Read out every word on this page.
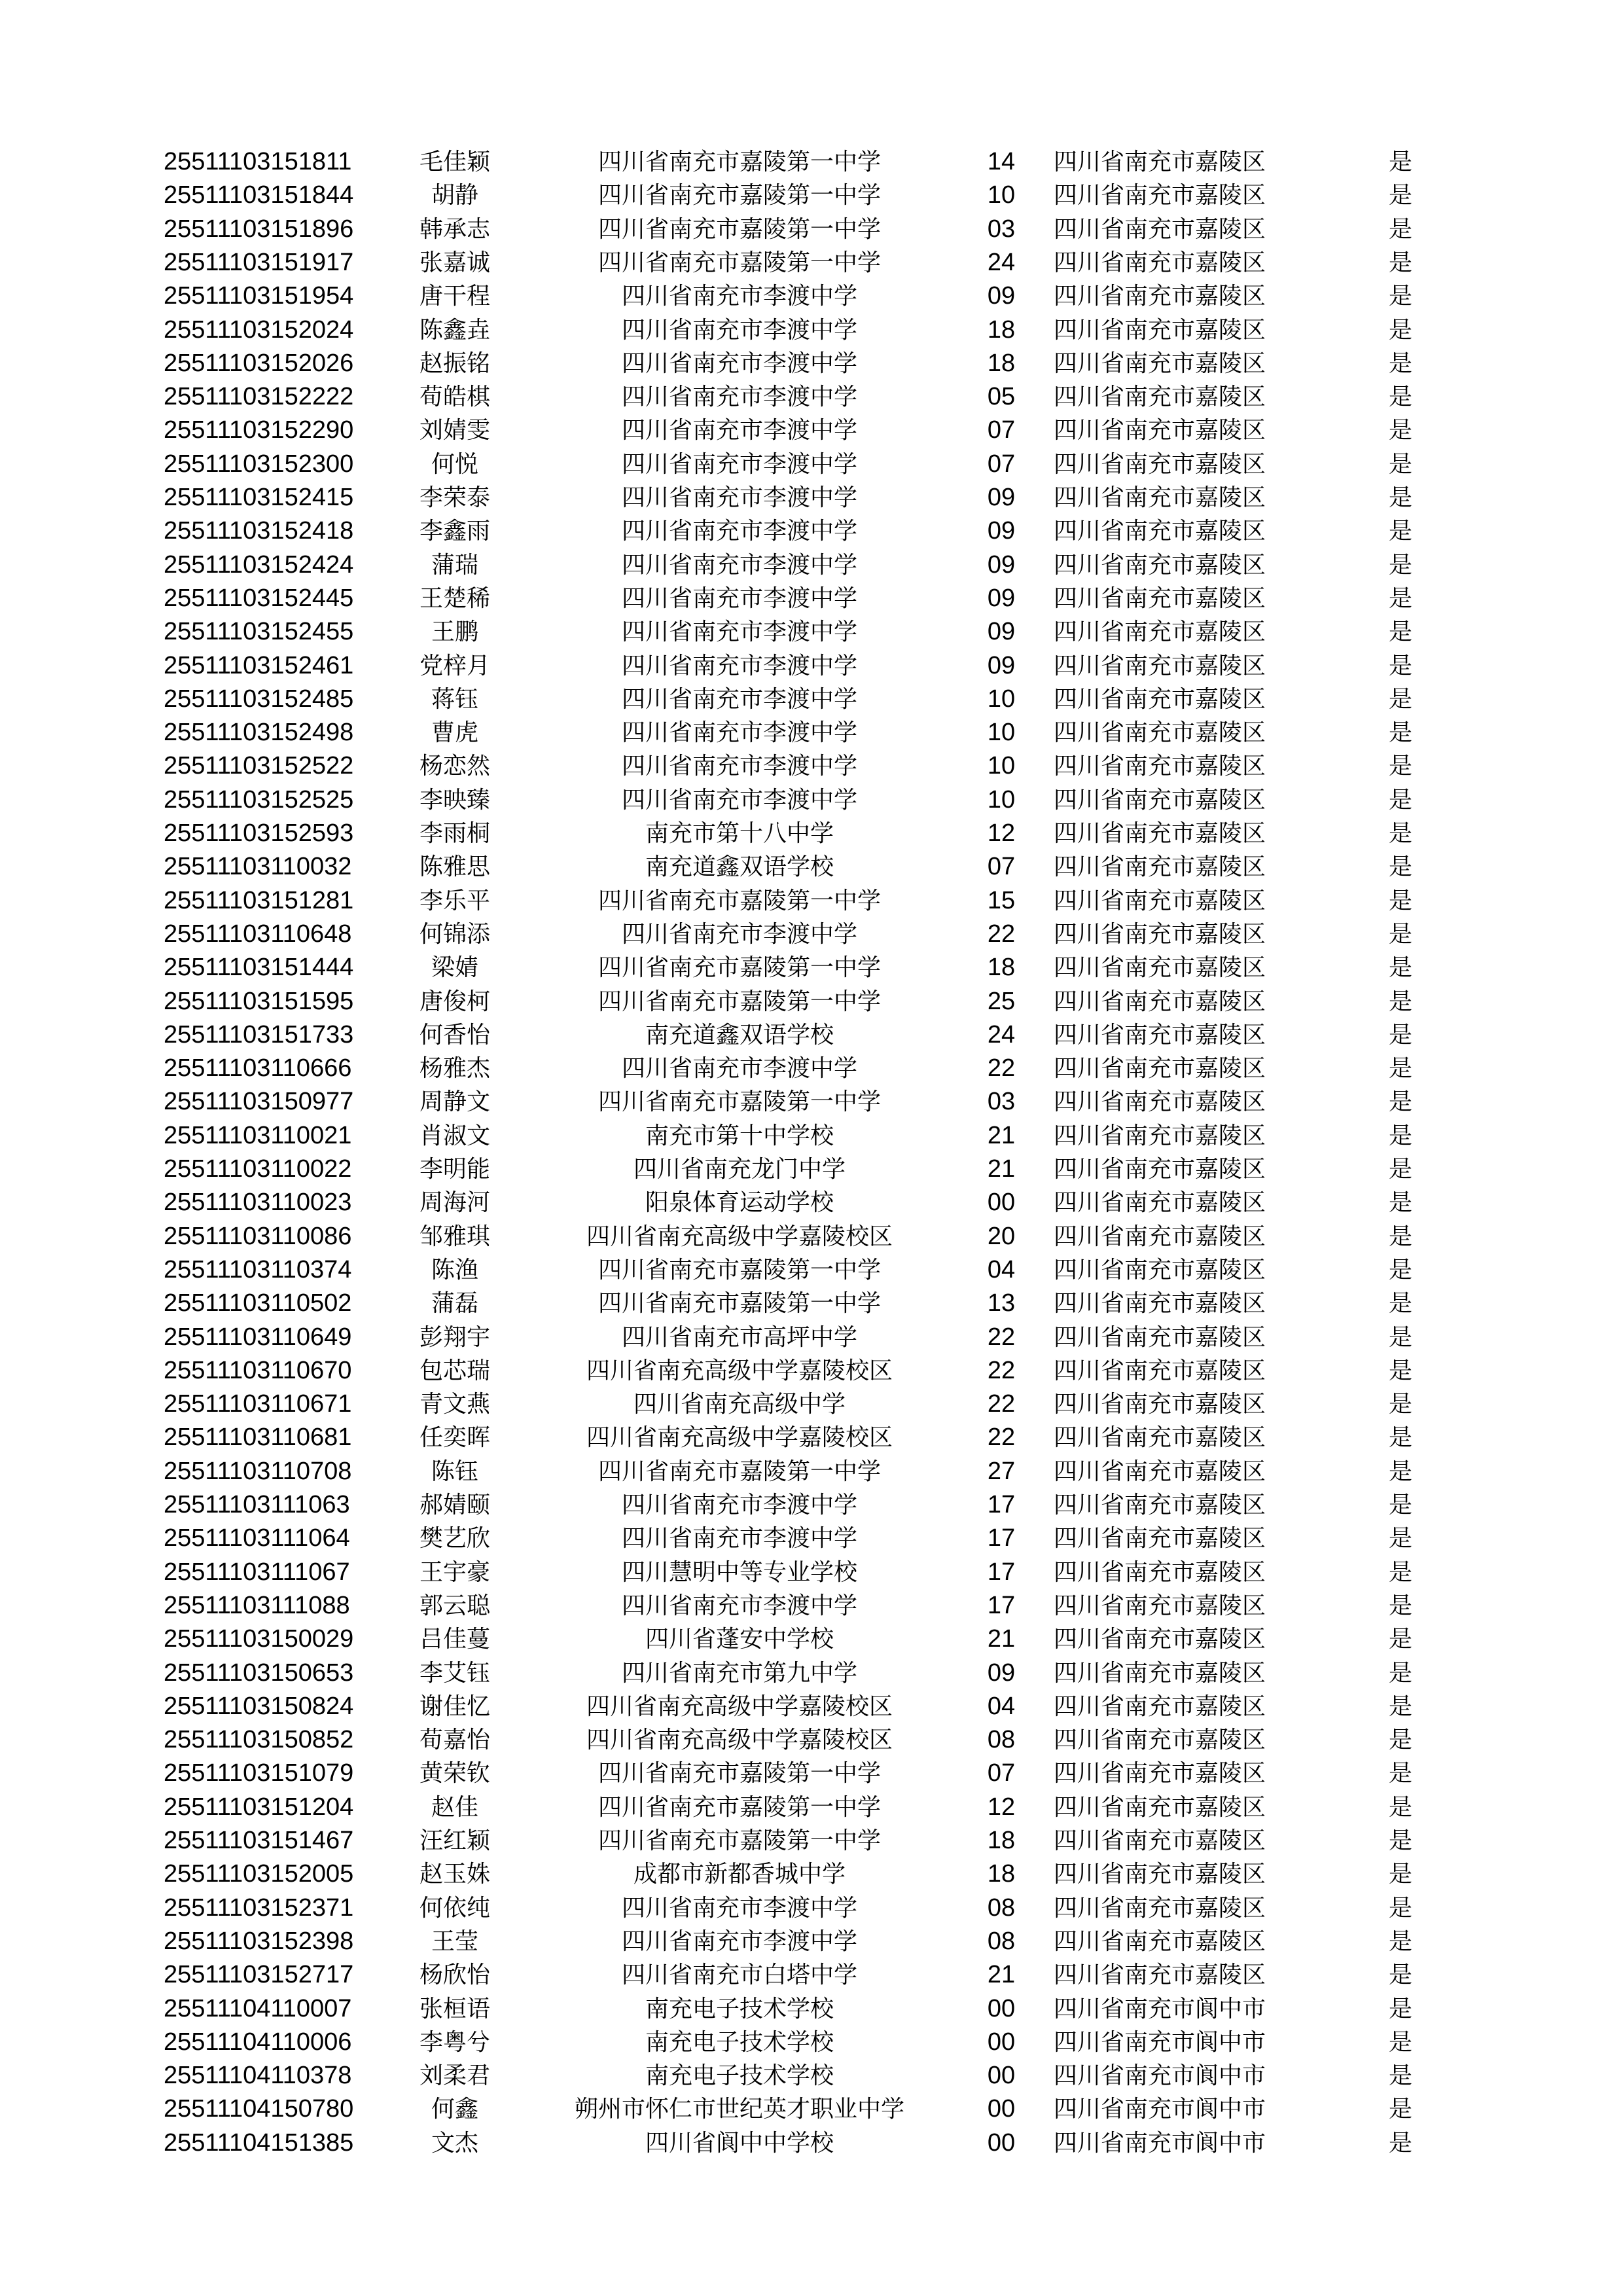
25511103151811	毛佳颖	四川省南充市嘉陵第一中学	14	四川省南充市嘉陵区	是
25511103151844	胡静	四川省南充市嘉陵第一中学	10	四川省南充市嘉陵区	是
25511103151896	韩承志	四川省南充市嘉陵第一中学	03	四川省南充市嘉陵区	是
25511103151917	张嘉诚	四川省南充市嘉陵第一中学	24	四川省南充市嘉陵区	是
25511103151954	唐干程	四川省南充市李渡中学	09	四川省南充市嘉陵区	是
25511103152024	陈鑫垚	四川省南充市李渡中学	18	四川省南充市嘉陵区	是
25511103152026	赵振铭	四川省南充市李渡中学	18	四川省南充市嘉陵区	是
25511103152222	荀皓棋	四川省南充市李渡中学	05	四川省南充市嘉陵区	是
25511103152290	刘婧雯	四川省南充市李渡中学	07	四川省南充市嘉陵区	是
25511103152300	何悦	四川省南充市李渡中学	07	四川省南充市嘉陵区	是
25511103152415	李荣泰	四川省南充市李渡中学	09	四川省南充市嘉陵区	是
25511103152418	李鑫雨	四川省南充市李渡中学	09	四川省南充市嘉陵区	是
25511103152424	蒲瑞	四川省南充市李渡中学	09	四川省南充市嘉陵区	是
25511103152445	王楚稀	四川省南充市李渡中学	09	四川省南充市嘉陵区	是
25511103152455	王鹏	四川省南充市李渡中学	09	四川省南充市嘉陵区	是
25511103152461	党梓月	四川省南充市李渡中学	09	四川省南充市嘉陵区	是
25511103152485	蒋钰	四川省南充市李渡中学	10	四川省南充市嘉陵区	是
25511103152498	曹虎	四川省南充市李渡中学	10	四川省南充市嘉陵区	是
25511103152522	杨恋然	四川省南充市李渡中学	10	四川省南充市嘉陵区	是
25511103152525	李映臻	四川省南充市李渡中学	10	四川省南充市嘉陵区	是
25511103152593	李雨桐	南充市第十八中学	12	四川省南充市嘉陵区	是
25511103110032	陈雅思	南充道鑫双语学校	07	四川省南充市嘉陵区	是
25511103151281	李乐平	四川省南充市嘉陵第一中学	15	四川省南充市嘉陵区	是
25511103110648	何锦添	四川省南充市李渡中学	22	四川省南充市嘉陵区	是
25511103151444	梁婧	四川省南充市嘉陵第一中学	18	四川省南充市嘉陵区	是
25511103151595	唐俊柯	四川省南充市嘉陵第一中学	25	四川省南充市嘉陵区	是
25511103151733	何香怡	南充道鑫双语学校	24	四川省南充市嘉陵区	是
25511103110666	杨雅杰	四川省南充市李渡中学	22	四川省南充市嘉陵区	是
25511103150977	周静文	四川省南充市嘉陵第一中学	03	四川省南充市嘉陵区	是
25511103110021	肖淑文	南充市第十中学校	21	四川省南充市嘉陵区	是
25511103110022	李明能	四川省南充龙门中学	21	四川省南充市嘉陵区	是
25511103110023	周海河	阳泉体育运动学校	00	四川省南充市嘉陵区	是
25511103110086	邹雅琪	四川省南充高级中学嘉陵校区	20	四川省南充市嘉陵区	是
25511103110374	陈渔	四川省南充市嘉陵第一中学	04	四川省南充市嘉陵区	是
25511103110502	蒲磊	四川省南充市嘉陵第一中学	13	四川省南充市嘉陵区	是
25511103110649	彭翔宇	四川省南充市高坪中学	22	四川省南充市嘉陵区	是
25511103110670	包芯瑞	四川省南充高级中学嘉陵校区	22	四川省南充市嘉陵区	是
25511103110671	青文燕	四川省南充高级中学	22	四川省南充市嘉陵区	是
25511103110681	任奕晖	四川省南充高级中学嘉陵校区	22	四川省南充市嘉陵区	是
25511103110708	陈钰	四川省南充市嘉陵第一中学	27	四川省南充市嘉陵区	是
25511103111063	郝婧颐	四川省南充市李渡中学	17	四川省南充市嘉陵区	是
25511103111064	樊艺欣	四川省南充市李渡中学	17	四川省南充市嘉陵区	是
25511103111067	王宇豪	四川慧明中等专业学校	17	四川省南充市嘉陵区	是
25511103111088	郭云聪	四川省南充市李渡中学	17	四川省南充市嘉陵区	是
25511103150029	吕佳蔓	四川省蓬安中学校	21	四川省南充市嘉陵区	是
25511103150653	李艾钰	四川省南充市第九中学	09	四川省南充市嘉陵区	是
25511103150824	谢佳忆	四川省南充高级中学嘉陵校区	04	四川省南充市嘉陵区	是
25511103150852	荀嘉怡	四川省南充高级中学嘉陵校区	08	四川省南充市嘉陵区	是
25511103151079	黄荣钦	四川省南充市嘉陵第一中学	07	四川省南充市嘉陵区	是
25511103151204	赵佳	四川省南充市嘉陵第一中学	12	四川省南充市嘉陵区	是
25511103151467	汪红颖	四川省南充市嘉陵第一中学	18	四川省南充市嘉陵区	是
25511103152005	赵玉姝	成都市新都香城中学	18	四川省南充市嘉陵区	是
25511103152371	何依纯	四川省南充市李渡中学	08	四川省南充市嘉陵区	是
25511103152398	王莹	四川省南充市李渡中学	08	四川省南充市嘉陵区	是
25511103152717	杨欣怡	四川省南充市白塔中学	21	四川省南充市嘉陵区	是
25511104110007	张桓语	南充电子技术学校	00	四川省南充市阆中市	是
25511104110006	李粤兮	南充电子技术学校	00	四川省南充市阆中市	是
25511104110378	刘柔君	南充电子技术学校	00	四川省南充市阆中市	是
25511104150780	何鑫	朔州市怀仁市世纪英才职业中学	00	四川省南充市阆中市	是
25511104151385	文杰	四川省阆中中学校	00	四川省南充市阆中市	是
